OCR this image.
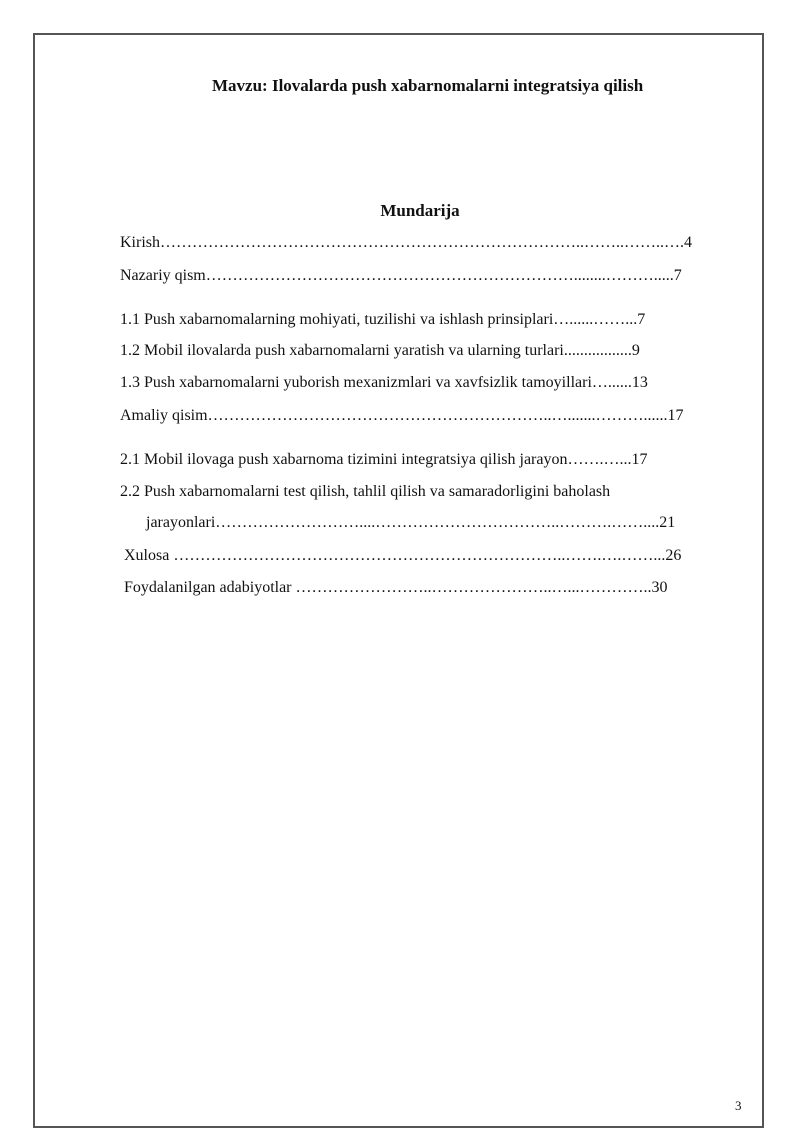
Mavzu: Ilovalarda push xabarnomalarni integratsiya qilish
Mundarija
Kirish……………………………………………………………………..……..……..….4
Nazariy qism……………………………………………………………........……….....7
1.1 Push xabarnomalarning mohiyati, tuzilishi va ishlash prinsiplari…......……...7
1.2 Mobil ilovalarda push xabarnomalarni yaratish va ularning turlari.................9
1.3 Push xabarnomalarni yuborish mexanizmlari va xavfsizlik tamoyillari…......13
Amaliy qisim………………………………………………………..….......………......17
2.1 Mobil ilovaga push xabarnoma tizimini integratsiya qilish jarayon…….…...17
2.2 Push xabarnomalarni test qilish, tahlil qilish va samaradorligini baholash
jarayonlari………………………....……………………………..……….……....21
Xulosa ………………………………………………………………..…….….……...26
Foydalanilgan adabiyotlar ……………………..…………………..…...…………..30
3
